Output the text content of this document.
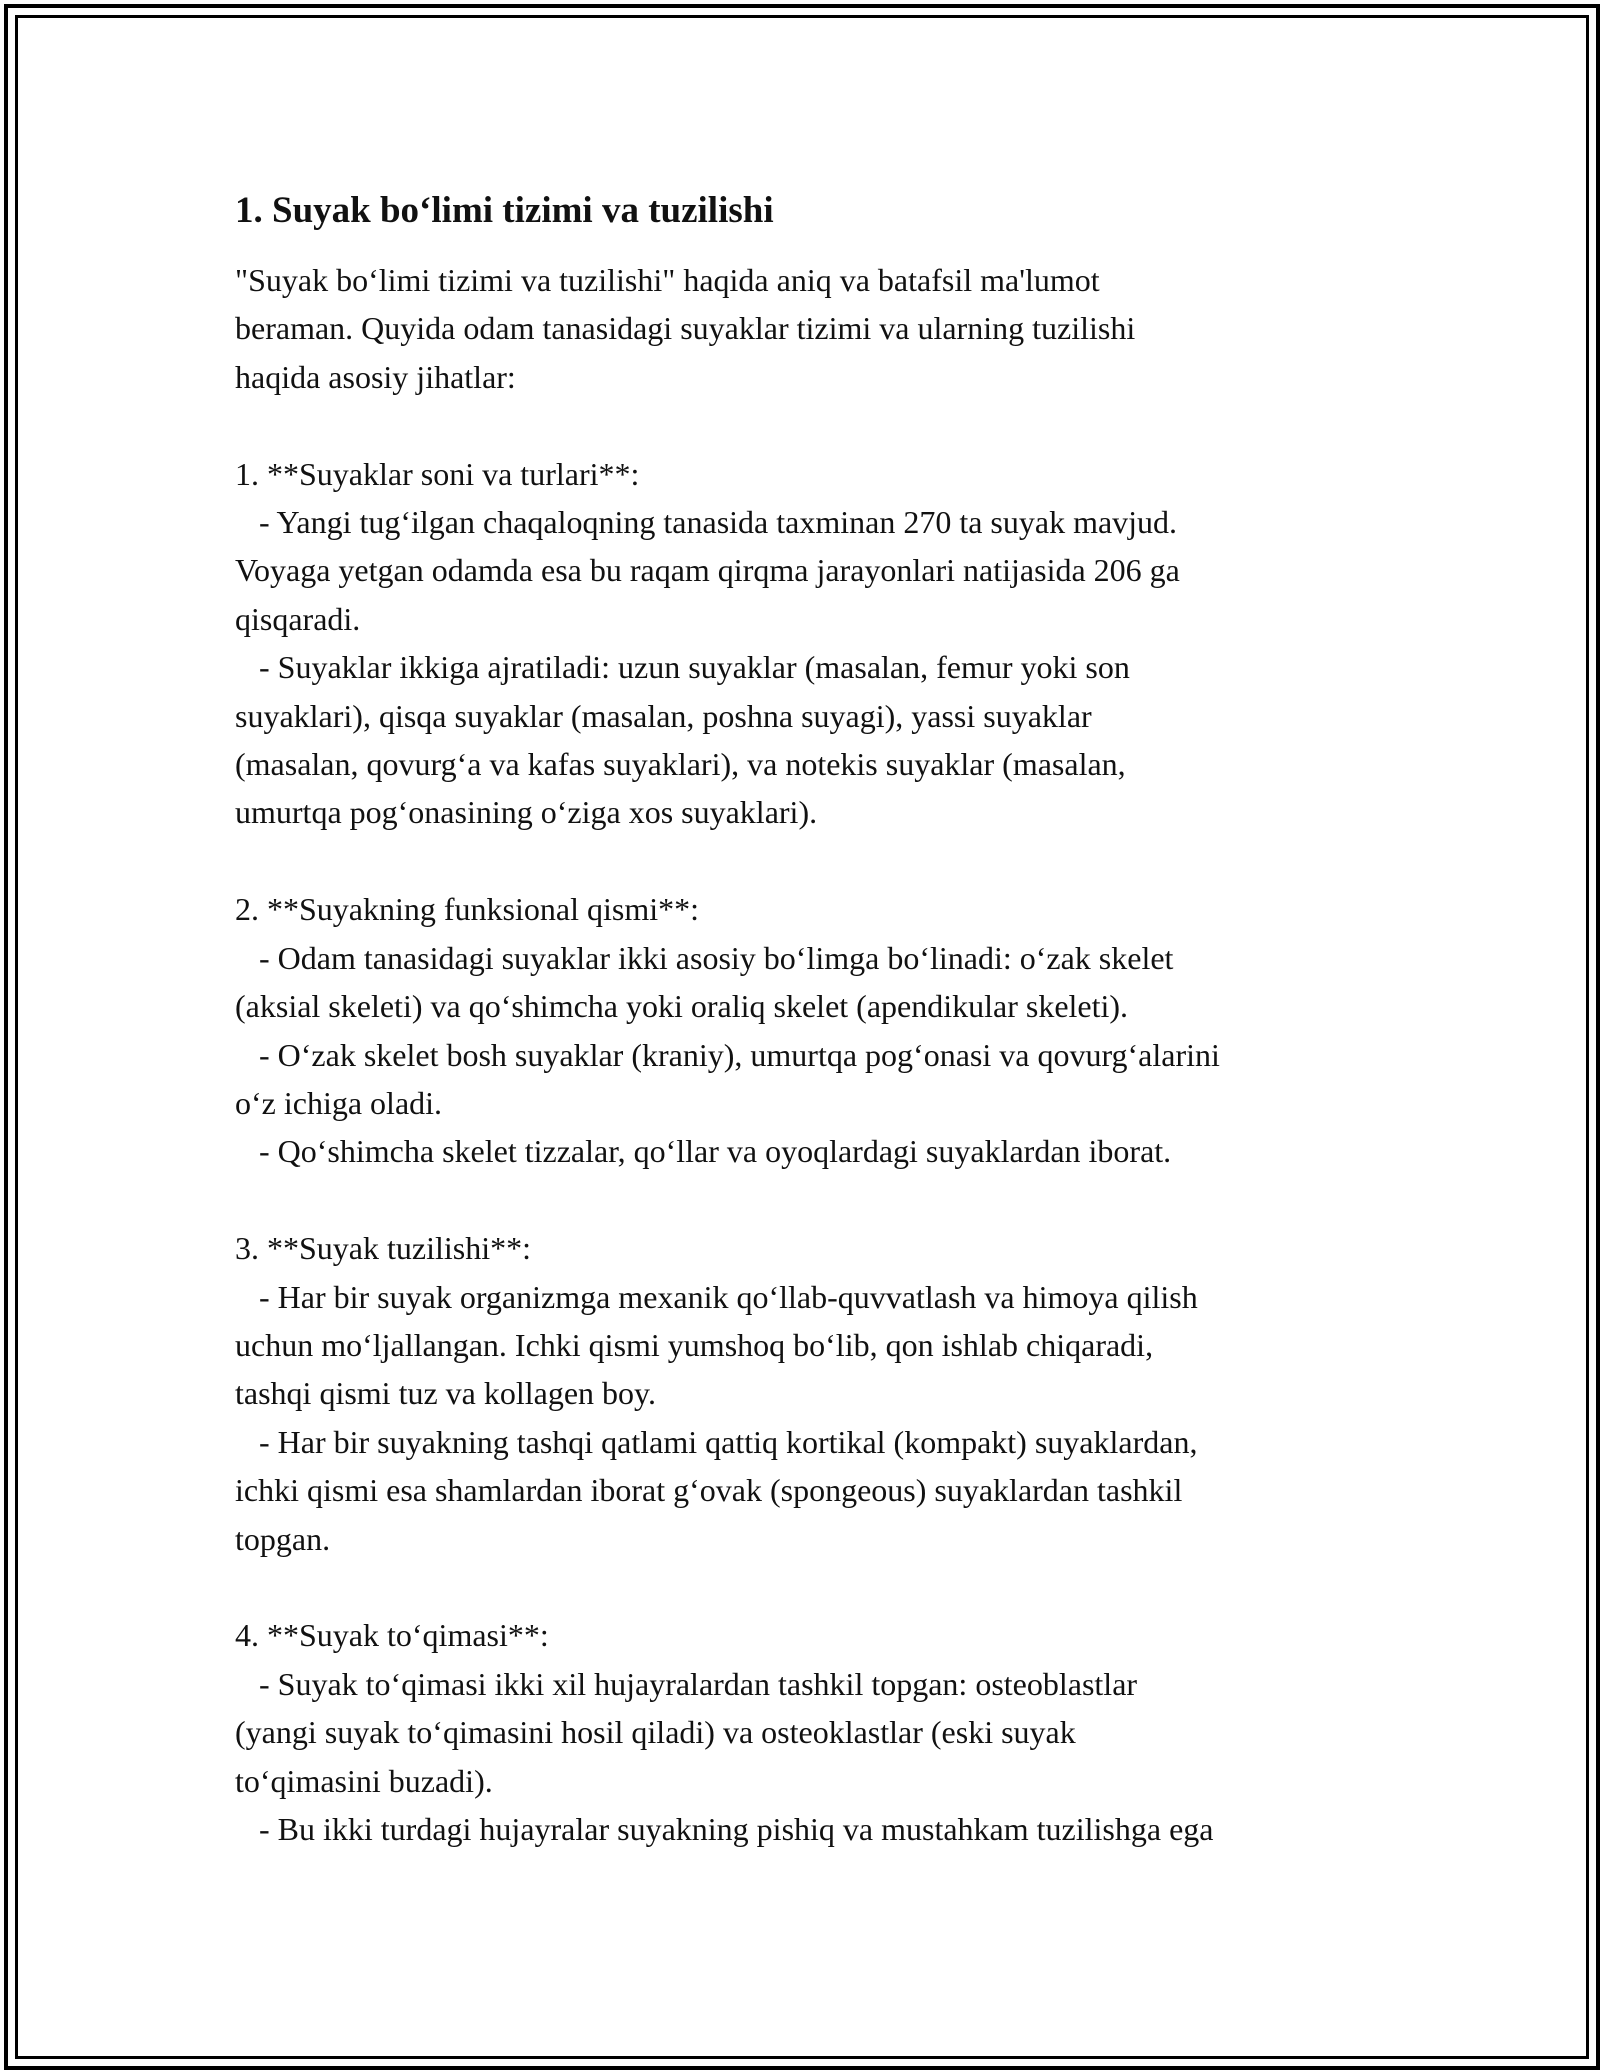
1. Suyak bo‘limi tizimi va tuzilishi
"Suyak bo‘limi tizimi va tuzilishi" haqida aniq va batafsil ma'lumot
beraman. Quyida odam tanasidagi suyaklar tizimi va ularning tuzilishi
haqida asosiy jihatlar:

1. **Suyaklar soni va turlari**:
- Yangi tug‘ilgan chaqaloqning tanasida taxminan 270 ta suyak mavjud.
Voyaga yetgan odamda esa bu raqam qirqma jarayonlari natijasida 206 ga
qisqaradi.
- Suyaklar ikkiga ajratiladi: uzun suyaklar (masalan, femur yoki son
suyaklari), qisqa suyaklar (masalan, poshna suyagi), yassi suyaklar
(masalan, qovurg‘a va kafas suyaklari), va notekis suyaklar (masalan,
umurtqa pog‘onasining o‘ziga xos suyaklari).

2. **Suyakning funksional qismi**:
- Odam tanasidagi suyaklar ikki asosiy bo‘limga bo‘linadi: o‘zak skelet
(aksial skeleti) va qo‘shimcha yoki oraliq skelet (apendikular skeleti).
- O‘zak skelet bosh suyaklar (kraniy), umurtqa pog‘onasi va qovurg‘alarini
o‘z ichiga oladi.
- Qo‘shimcha skelet tizzalar, qo‘llar va oyoqlardagi suyaklardan iborat.

3. **Suyak tuzilishi**:
- Har bir suyak organizmga mexanik qo‘llab-quvvatlash va himoya qilish
uchun mo‘ljallangan. Ichki qismi yumshoq bo‘lib, qon ishlab chiqaradi,
tashqi qismi tuz va kollagen boy.
- Har bir suyakning tashqi qatlami qattiq kortikal (kompakt) suyaklardan,
ichki qismi esa shamlardan iborat g‘ovak (spongeous) suyaklardan tashkil
topgan.

4. **Suyak to‘qimasi**:
- Suyak to‘qimasi ikki xil hujayralardan tashkil topgan: osteoblastlar
(yangi suyak to‘qimasini hosil qiladi) va osteoklastlar (eski suyak
to‘qimasini buzadi).
- Bu ikki turdagi hujayralar suyakning pishiq va mustahkam tuzilishga ega
